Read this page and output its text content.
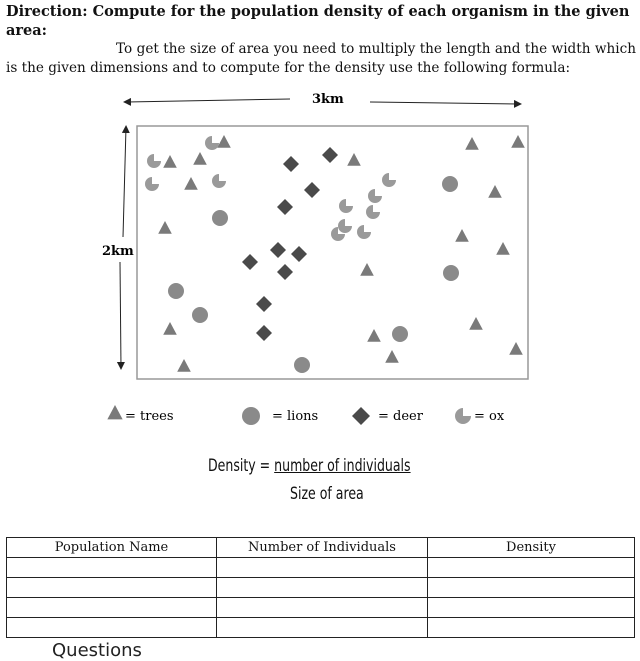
Direction: Compute for the population density of each organism in the given area:
To get the size of area you need to multiply the length and the width which is the given dimensions and to compute for the density use the following formula:
3km
2km
= trees	= lions	= deer	= ox
Density = number of individuals
Size of area
Population Name	Number of Individuals	Density

Questions
